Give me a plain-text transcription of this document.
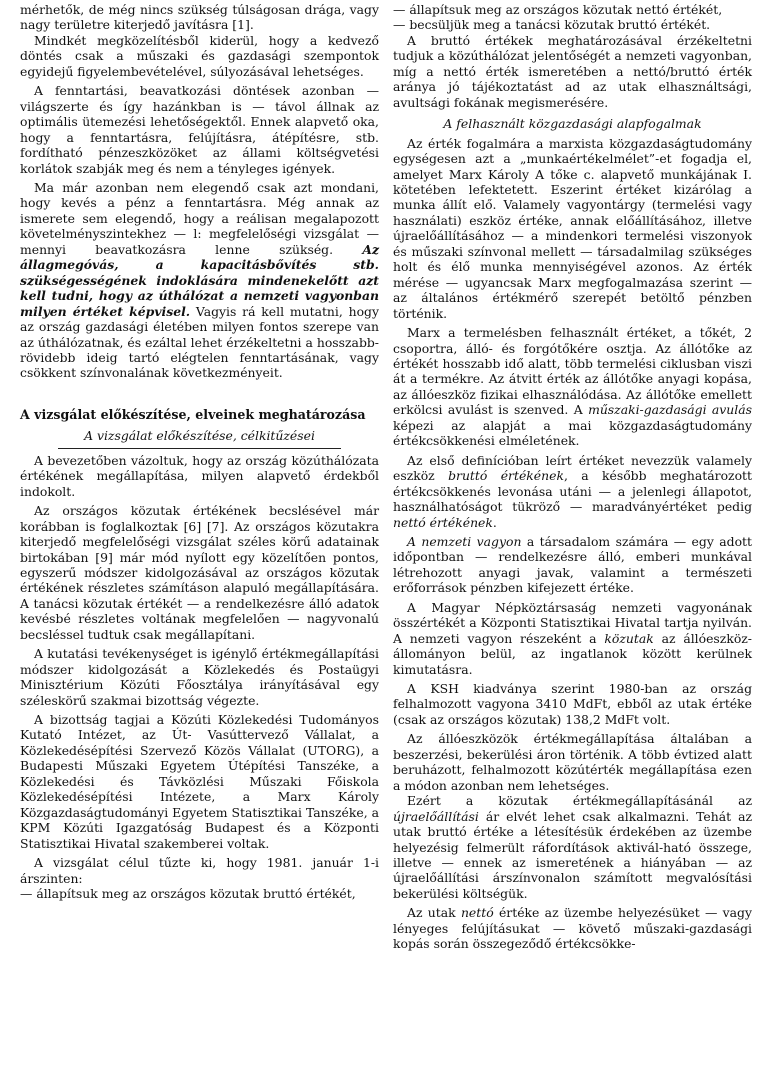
mérhetők, de még nincs szükség túlságosan drága, vagy nagy területre kiterjedő javításra [1].

Mindkét megközelítésből kiderül, hogy a kedvező döntés csak a műszaki és gazdasági szempontok egyidejű figyelembevételével, súlyozásával lehetséges.

A fenntartási, beavatkozási döntések azonban — világszerte és így hazánkban is — távol állnak az optimális ütemezési lehetőségektől. Ennek alapvető oka, hogy a fenntartásra, felújításra, átépítésre, stb. fordítható pénzeszközöket az állami költségvetési korlátok szabják meg és nem a tényleges igények.

Ma már azonban nem elegendő csak azt mondani, hogy kevés a pénz a fenntartásra. Még annak az ismerete sem elegendő, hogy a reálisan megalapozott követelményszintekhez — l: megfelelőségi vizsgálat — mennyi beavatkozásra lenne szükség. Az állagmegóvás, a kapacitásbővítés stb. szükségességének indoklására mindenekelőtt azt kell tudni, hogy az úthálózat a nemzeti vagyonban milyen értéket képvisel. Vagyis rá kell mutatni, hogy az ország gazdasági életében milyen fontos szerepe van az úthálózatnak, és ezáltal lehet érzékeltetni a hosszabb-rövidebb ideig tartó elégtelen fenntartásának, vagy csökkent színvonalának következményeit.

A vizsgálat előkészítése, elveinek meghatározása
A vizsgálat előkészítése, célkitűzései

A bevezetőben vázoltuk, hogy az ország közúthálózata értékének megállapítása, milyen alapvető érdekből indokolt.

Az országos közutak értékének becslésével már korábban is foglalkoztak [6] [7]. Az országos közutakra kiterjedő megfelelőségi vizsgálat széles körű adatainak birtokában [9] már mód nyílott egy közelítően pontos, egyszerű módszer kidolgozásával az országos közutak értékének részletes számításon alapuló megállapítására. A tanácsi közutak értékét — a rendelkezésre álló adatok kevésbé részletes voltának megfelelően — nagyvonalú becsléssel tudtuk csak megállapítani.

A kutatási tevékenységet is igénylő értékmegállapítási módszer kidolgozását a Közlekedés és Postaügyi Minisztérium Közúti Főosztálya irányításával egy széleskörű szakmai bizottság végezte.

A bizottság tagjai a Közúti Közlekedési Tudományos Kutató Intézet, az Út- Vasúttervező Vállalat, a Közlekedésépítési Szervező Közös Vállalat (UTORG), a Budapesti Műszaki Egyetem Útépítési Tanszéke, a Közlekedési és Távközlési Műszaki Főiskola Közlekedésépítési Intézete, a Marx Károly Közgazdaságtudományi Egyetem Statisztikai Tanszéke, a KPM Közúti Igazgatóság Budapest és a Központi Statisztikai Hivatal szakemberei voltak.

A vizsgálat célul tűzte ki, hogy 1981. január 1-i árszinten:

— állapítsuk meg az országos közutak bruttó értékét,

— állapítsuk meg az országos közutak nettó értékét,

— becsüljük meg a tanácsi közutak bruttó értékét.

A bruttó értékek meghatározásával érzékeltetni tudjuk a közúthálózat jelentőségét a nemzeti vagyonban, míg a nettó érték ismeretében a nettó/bruttó érték aránya jó tájékoztatást ad az utak elhasználtsági, avultsági fokának megismerésére.

A felhasznált közgazdasági alapfogalmak

Az érték fogalmára a marxista közgazdaságtudomány egységesen azt a „munkaértékelmélet”-et fogadja el, amelyet Marx Károly A tőke c. alapvető munkájának I. kötetében lefektetett. Eszerint értéket kizárólag a munka állít elő. Valamely vagyontárgy (termelési vagy használati) eszköz értéke, annak előállításához, illetve újraelőállításához — a mindenkori termelési viszonyok és műszaki színvonal mellett — társadalmilag szükséges holt és élő munka mennyiségével azonos. Az érték mérése — ugyancsak Marx megfogalmazása szerint — az általános értékmérő szerepét betöltő pénzben történik.

Marx a termelésben felhasznált értéket, a tőkét, 2 csoportra, álló- és forgótőkére osztja. Az állótőke az értékét hosszabb idő alatt, több termelési ciklusban viszi át a termékre. Az átvitt érték az állótőke anyagi kopása, az állóeszköz fizikai elhasználódása. Az állótőke emellett erkölcsi avulást is szenved. A műszaki-gazdasági avulás képezi az alapját a mai közgazdaságtudomány értékcsökkenési elméletének.

Az első definícióban leírt értéket nevezzük valamely eszköz bruttó értékének, a később meghatározott értékcsökkenés levonása utáni — a jelenlegi állapotot, használhatóságot tükröző — maradványértéket pedig nettó értékének.

A nemzeti vagyon a társadalom számára — egy adott időpontban — rendelkezésre álló, emberi munkával létrehozott anyagi javak, valamint a természeti erőforrások pénzben kifejezett értéke.

A Magyar Népköztársaság nemzeti vagyonának összértékét a Központi Statisztikai Hivatal tartja nyilván. A nemzeti vagyon részeként a közutak az állóeszköz-állományon belül, az ingatlanok között kerülnek kimutatásra.

A KSH kiadványa szerint 1980-ban az ország felhalmozott vagyona 3410 MdFt, ebből az utak értéke (csak az országos közutak) 138,2 MdFt volt.

Az állóeszközök értékmegállapítása általában a beszerzési, bekerülési áron történik. A több évtized alatt beruházott, felhalmozott közútérték megállapítása ezen a módon azonban nem lehetséges.

Ezért a közutak értékmegállapításánál az újraelőállítási ár elvét lehet csak alkalmazni. Tehát az utak bruttó értéke a létesítésük érdekében az üzembe helyezésig felmerült ráfordítások aktivál-ható összege, illetve — ennek az ismeretének a hiányában — az újraelőállítási árszínvonalon számított megvalósítási bekerülési költségük.

Az utak nettó értéke az üzembe helyezésüket — vagy lényeges felújításukat — követő műszaki-gazdasági kopás során összegeződő értékcsökke-
